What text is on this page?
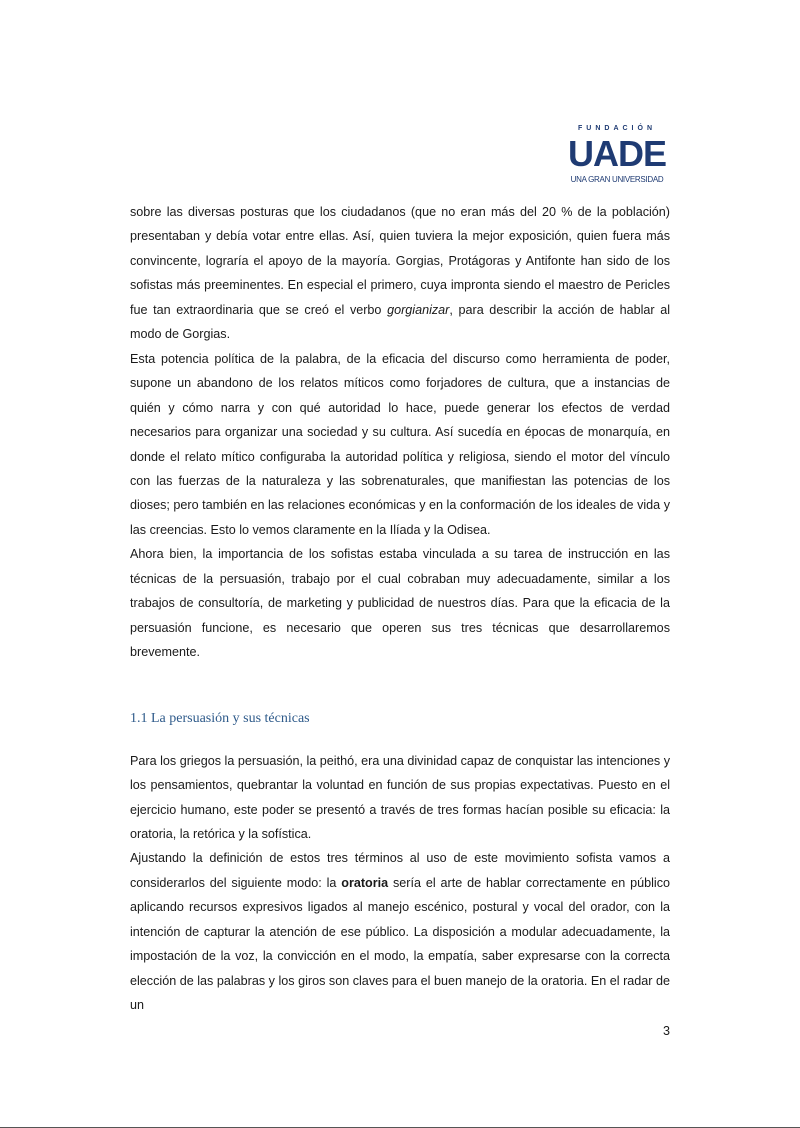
FUNDACIÓN
UADE
UNA GRAN UNIVERSIDAD

sobre las diversas posturas que los ciudadanos (que no eran más del 20 % de la población) presentaban y debía votar entre ellas. Así, quien tuviera la mejor exposición, quien fuera más convincente, lograría el apoyo de la mayoría. Gorgias, Protágoras y Antifonte han sido de los sofistas más preeminentes. En especial el primero, cuya impronta siendo el maestro de Pericles fue tan extraordinaria que se creó el verbo gorgianizar, para describir la acción de hablar al modo de Gorgias.

Esta potencia política de la palabra, de la eficacia del discurso como herramienta de poder, supone un abandono de los relatos míticos como forjadores de cultura, que a instancias de quién y cómo narra y con qué autoridad lo hace, puede generar los efectos de verdad necesarios para organizar una sociedad y su cultura. Así sucedía en épocas de monarquía, en donde el relato mítico configuraba la autoridad política y religiosa, siendo el motor del vínculo con las fuerzas de la naturaleza y las sobrenaturales, que manifiestan las potencias de los dioses; pero también en las relaciones económicas y en la conformación de los ideales de vida y las creencias. Esto lo vemos claramente en la Ilíada y la Odisea.

Ahora bien, la importancia de los sofistas estaba vinculada a su tarea de instrucción en las técnicas de la persuasión, trabajo por el cual cobraban muy adecuadamente, similar a los trabajos de consultoría, de marketing y publicidad de nuestros días. Para que la eficacia de la persuasión funcione, es necesario que operen sus tres técnicas que desarrollaremos brevemente.

1.1 La persuasión y sus técnicas

Para los griegos la persuasión, la peithó, era una divinidad capaz de conquistar las intenciones y los pensamientos, quebrantar la voluntad en función de sus propias expectativas. Puesto en el ejercicio humano, este poder se presentó a través de tres formas hacían posible su eficacia: la oratoria, la retórica y la sofística.

Ajustando la definición de estos tres términos al uso de este movimiento sofista vamos a considerarlos del siguiente modo: la oratoria sería el arte de hablar correctamente en público aplicando recursos expresivos ligados al manejo escénico, postural y vocal del orador, con la intención de capturar la atención de ese público. La disposición a modular adecuadamente, la impostación de la voz, la convicción en el modo, la empatía, saber expresarse con la correcta elección de las palabras y los giros son claves para el buen manejo de la oratoria. En el radar de un

3
